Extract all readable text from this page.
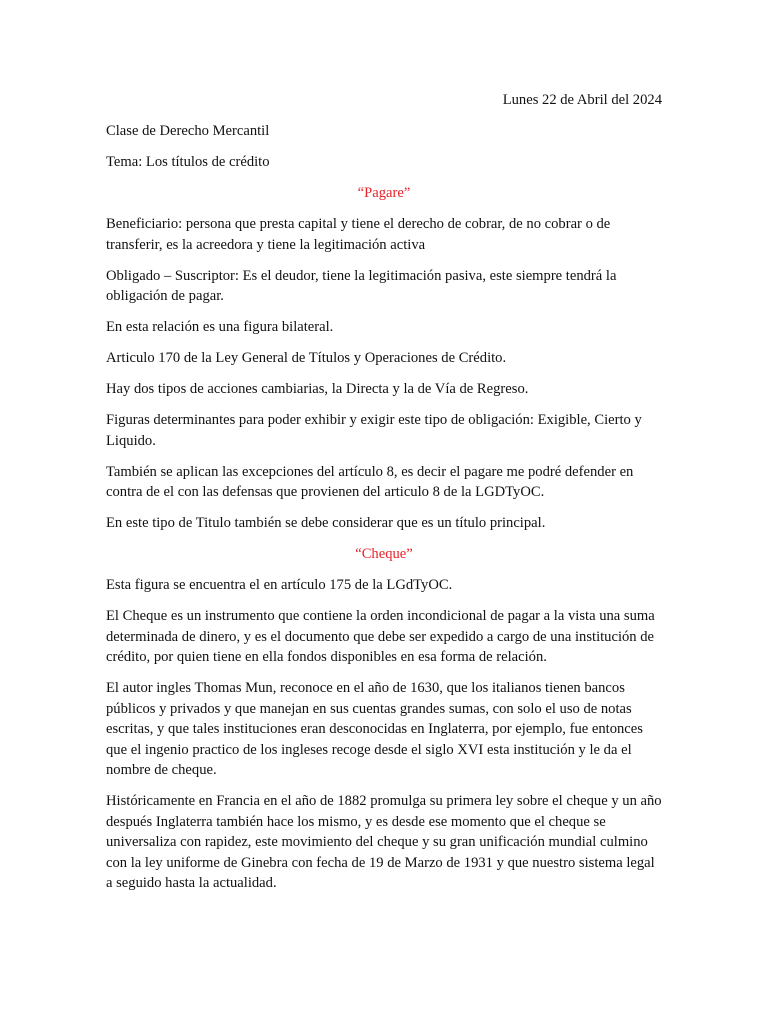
Lunes 22 de Abril del 2024

Clase de Derecho Mercantil

Tema: Los títulos de crédito

“Pagare”

Beneficiario: persona que presta capital y tiene el derecho de cobrar, de no cobrar o de transferir, es la acreedora y tiene la legitimación activa

Obligado – Suscriptor: Es el deudor, tiene la legitimación pasiva, este siempre tendrá la obligación de pagar.

En esta relación es una figura bilateral.

Articulo 170 de la Ley General de Títulos y Operaciones de Crédito.

Hay dos tipos de acciones cambiarias, la Directa y la de Vía de Regreso.

Figuras determinantes para poder exhibir y exigir este tipo de obligación: Exigible, Cierto y Liquido.

También se aplican las excepciones del artículo 8, es decir el pagare me podré defender en contra de el con las defensas que provienen del articulo 8 de la LGDTyOC.

En este tipo de Titulo también se debe considerar que es un título principal.

“Cheque”

Esta figura se encuentra el en artículo 175 de la LGdTyOC.

El Cheque es un instrumento que contiene la orden incondicional de pagar a la vista una suma determinada de dinero, y es el documento que debe ser expedido a cargo de una institución de crédito, por quien tiene en ella fondos disponibles en esa forma de relación.

El autor ingles Thomas Mun, reconoce en el año de 1630, que los italianos tienen bancos públicos y privados y que manejan en sus cuentas grandes sumas, con solo el uso de notas escritas, y que tales instituciones eran desconocidas en Inglaterra, por ejemplo, fue entonces que el ingenio practico de los ingleses recoge desde el siglo XVI esta institución y le da el nombre de cheque.

Históricamente en Francia en el año de 1882 promulga su primera ley sobre el cheque y un año después Inglaterra también hace los mismo, y es desde ese momento que el cheque se universaliza con rapidez, este movimiento del cheque y su gran unificación mundial culmino con la ley uniforme de Ginebra con fecha de 19 de Marzo de 1931 y que nuestro sistema legal a seguido hasta la actualidad.
